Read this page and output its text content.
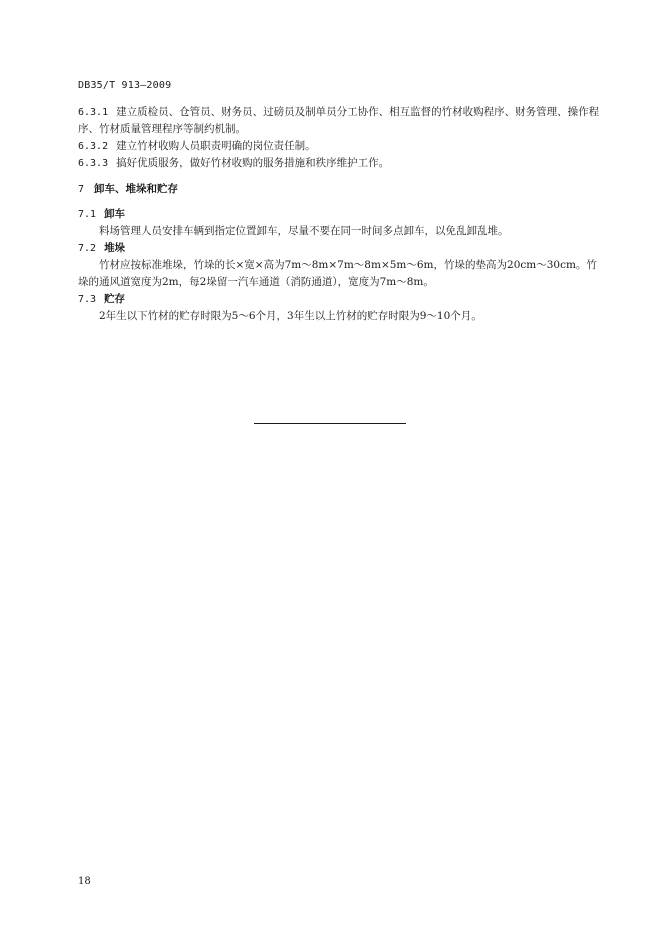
DB35/T 913—2009

6.3.1 建立质检员、仓管员、财务员、过磅员及制单员分工协作、相互监督的竹材收购程序、财务管理、操作程序、竹材质量管理程序等制约机制。

6.3.2 建立竹材收购人员职责明确的岗位责任制。

6.3.3 搞好优质服务，做好竹材收购的服务措施和秩序维护工作。

7 卸车、堆垛和贮存

7.1 卸车

料场管理人员安排车辆到指定位置卸车，尽量不要在同一时间多点卸车，以免乱卸乱堆。

7.2 堆垛

竹材应按标准堆垛，竹垛的长×宽×高为7m～8m×7m～8m×5m～6m，竹垛的垫高为20cm～30cm。竹垛的通风道宽度为2m，每2垛留一汽车通道（消防通道），宽度为7m～8m。

7.3 贮存

2年生以下竹材的贮存时限为5～6个月，3年生以上竹材的贮存时限为9～10个月。

18
